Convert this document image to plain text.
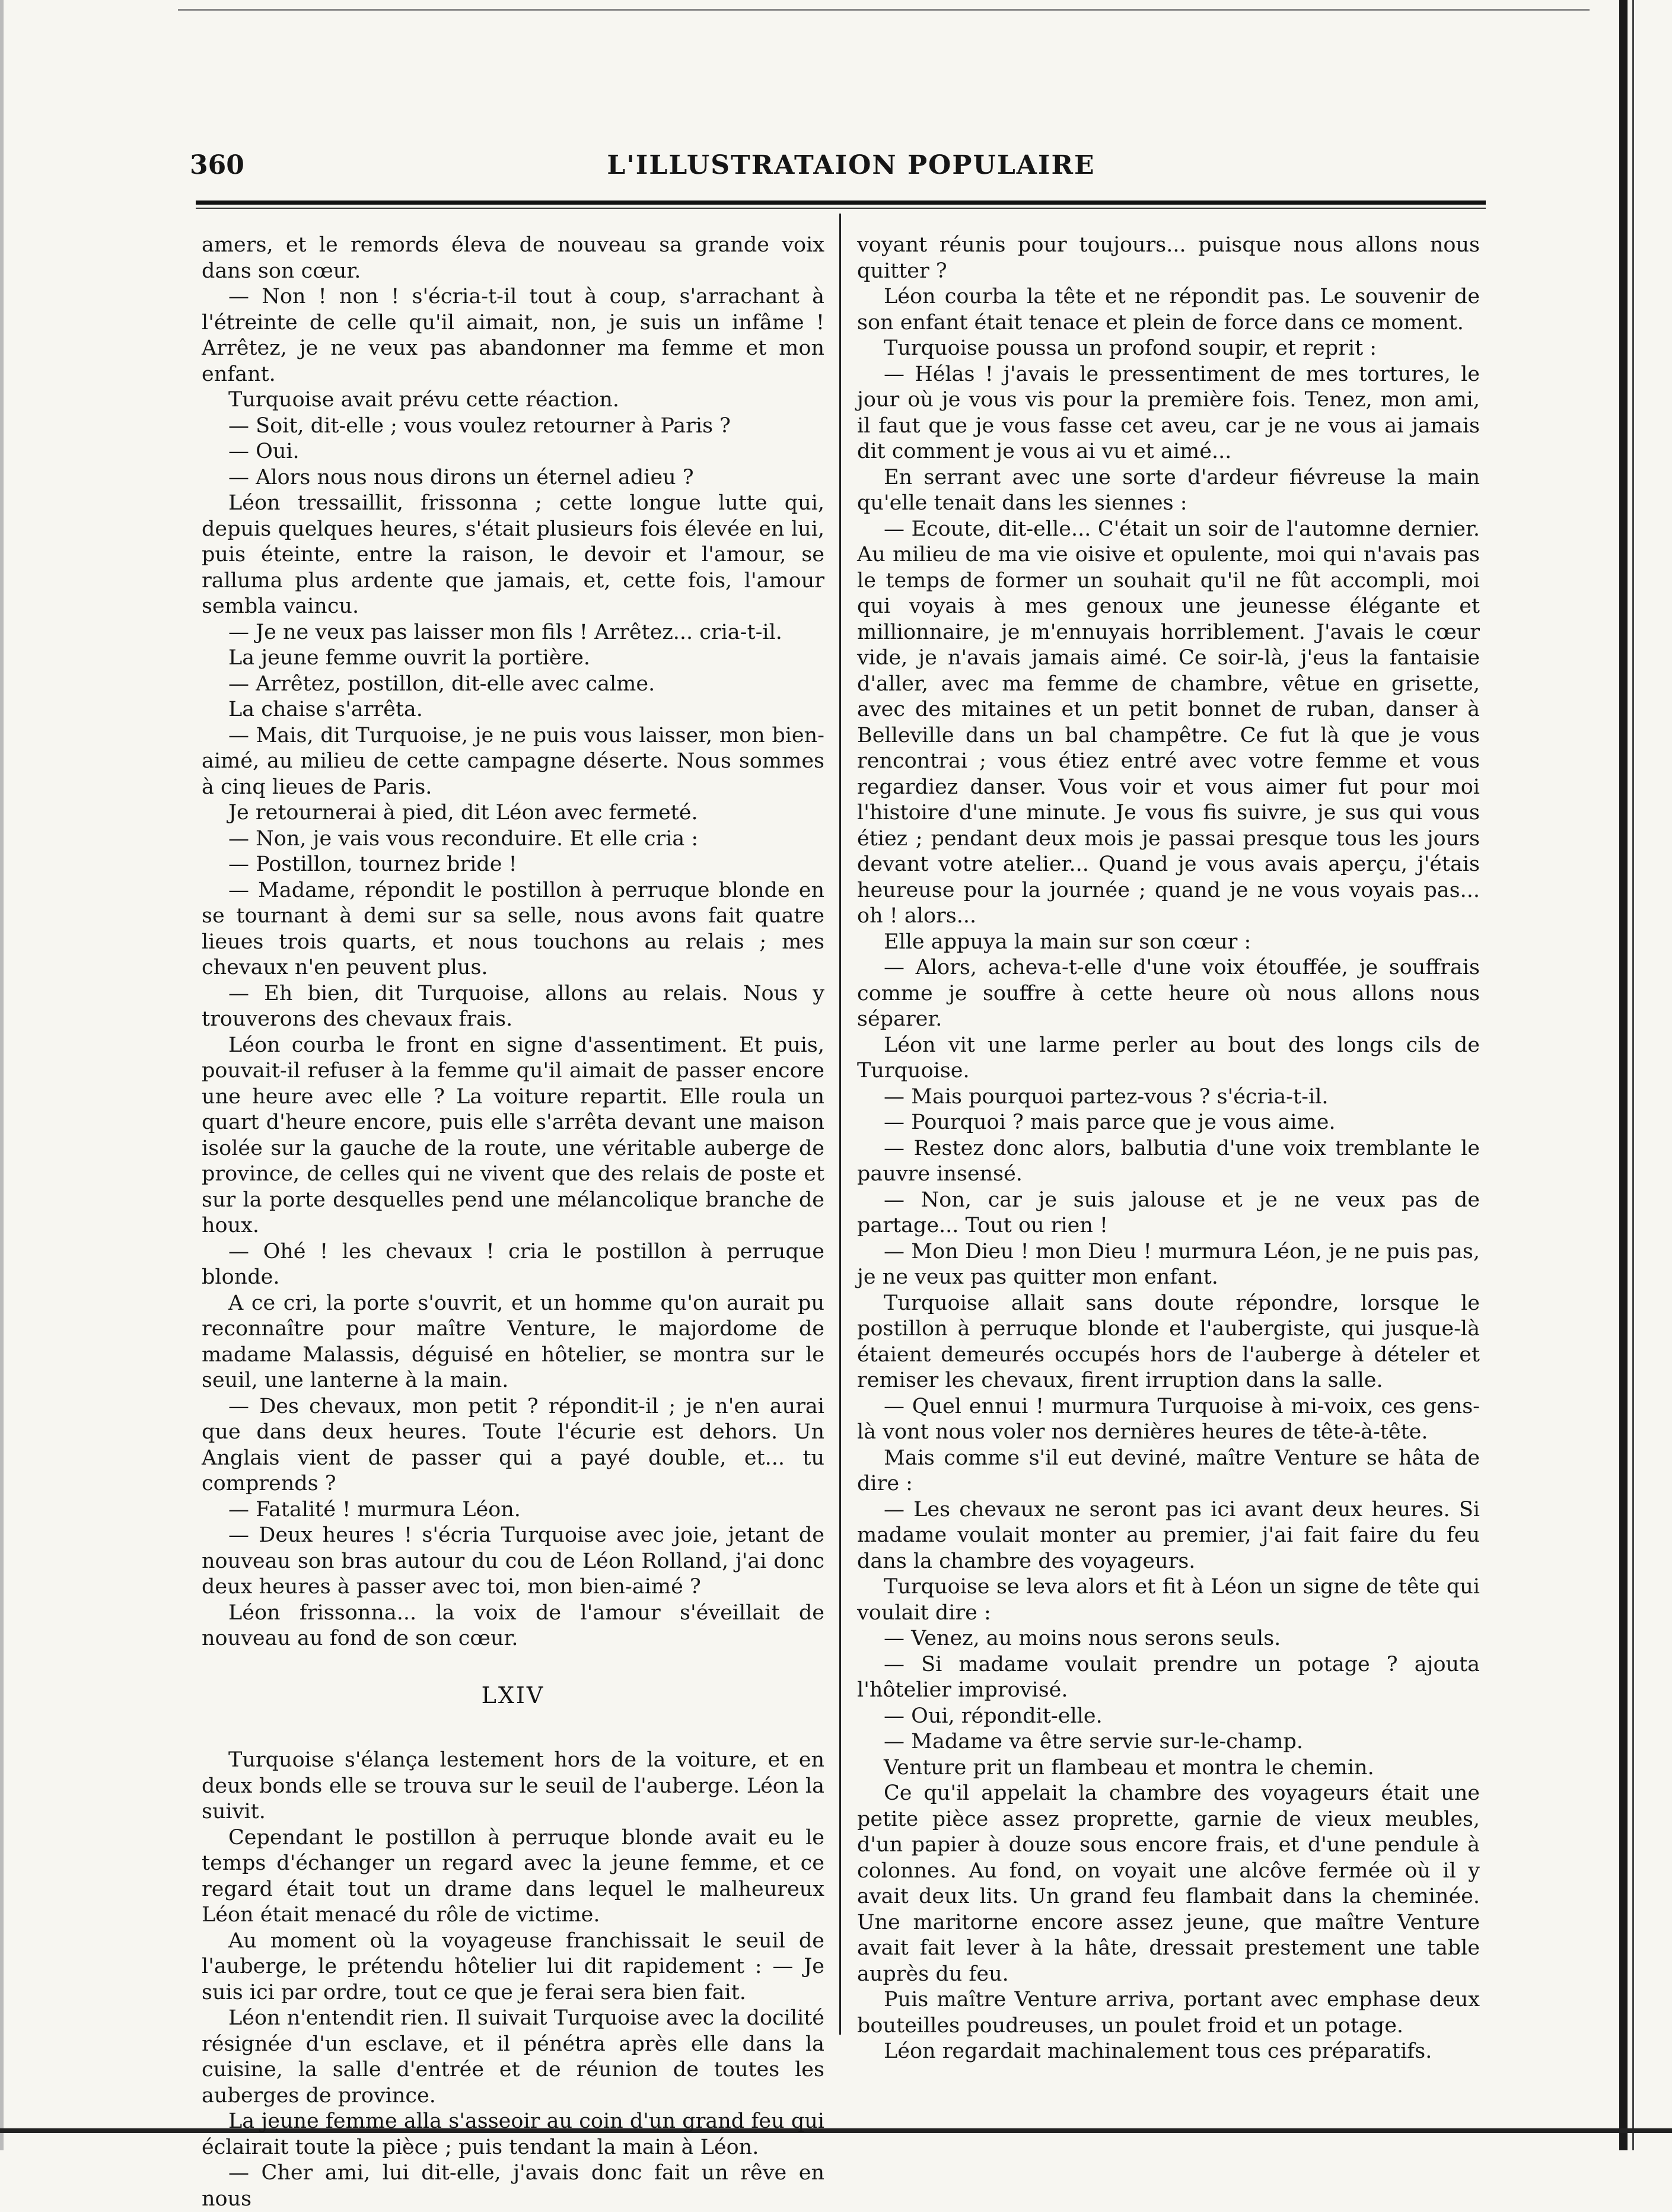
360	L'ILLUSTRATAION POPULAIRE

amers, et le remords éleva de nouveau sa grande voix dans son cœur.

— Non ! non ! s'écria-t-il tout à coup, s'arrachant à l'étreinte de celle qu'il aimait, non, je suis un infâme ! Arrêtez, je ne veux pas abandonner ma femme et mon enfant.

Turquoise avait prévu cette réaction.

— Soit, dit-elle ; vous voulez retourner à Paris ?

— Oui.

— Alors nous nous dirons un éternel adieu ?

Léon tressaillit, frissonna ; cette longue lutte qui, depuis quelques heures, s'était plusieurs fois élevée en lui, puis éteinte, entre la raison, le devoir et l'amour, se ralluma plus ardente que jamais, et, cette fois, l'amour sembla vaincu.

— Je ne veux pas laisser mon fils ! Arrêtez... cria-t-il.

La jeune femme ouvrit la portière.

— Arrêtez, postillon, dit-elle avec calme.

La chaise s'arrêta.

— Mais, dit Turquoise, je ne puis vous laisser, mon bien-aimé, au milieu de cette campagne déserte. Nous sommes à cinq lieues de Paris.

Je retournerai à pied, dit Léon avec fermeté.

— Non, je vais vous reconduire. Et elle cria :

— Postillon, tournez bride !

— Madame, répondit le postillon à perruque blonde en se tournant à demi sur sa selle, nous avons fait quatre lieues trois quarts, et nous touchons au relais ; mes chevaux n'en peuvent plus.

— Eh bien, dit Turquoise, allons au relais. Nous y trouverons des chevaux frais.

Léon courba le front en signe d'assentiment. Et puis, pouvait-il refuser à la femme qu'il aimait de passer encore une heure avec elle ? La voiture repartit. Elle roula un quart d'heure encore, puis elle s'arrêta devant une maison isolée sur la gauche de la route, une véritable auberge de province, de celles qui ne vivent que des relais de poste et sur la porte desquelles pend une mélancolique branche de houx.

— Ohé ! les chevaux ! cria le postillon à perruque blonde.

A ce cri, la porte s'ouvrit, et un homme qu'on aurait pu reconnaître pour maître Venture, le majordome de madame Malassis, déguisé en hôtelier, se montra sur le seuil, une lanterne à la main.

— Des chevaux, mon petit ? répondit-il ; je n'en aurai que dans deux heures. Toute l'écurie est dehors. Un Anglais vient de passer qui a payé double, et... tu comprends ?

— Fatalité ! murmura Léon.

— Deux heures ! s'écria Turquoise avec joie, jetant de nouveau son bras autour du cou de Léon Rolland, j'ai donc deux heures à passer avec toi, mon bien-aimé ?

Léon frissonna... la voix de l'amour s'éveillait de nouveau au fond de son cœur.

LXIV

Turquoise s'élança lestement hors de la voiture, et en deux bonds elle se trouva sur le seuil de l'auberge. Léon la suivit.

Cependant le postillon à perruque blonde avait eu le temps d'échanger un regard avec la jeune femme, et ce regard était tout un drame dans lequel le malheureux Léon était menacé du rôle de victime.

Au moment où la voyageuse franchissait le seuil de l'auberge, le prétendu hôtelier lui dit rapidement : — Je suis ici par ordre, tout ce que je ferai sera bien fait.

Léon n'entendit rien. Il suivait Turquoise avec la docilité résignée d'un esclave, et il pénétra après elle dans la cuisine, la salle d'entrée et de réunion de toutes les auberges de province.

La jeune femme alla s'asseoir au coin d'un grand feu qui éclairait toute la pièce ; puis tendant la main à Léon.

— Cher ami, lui dit-elle, j'avais donc fait un rêve en nous

voyant réunis pour toujours... puisque nous allons nous quitter ?

Léon courba la tête et ne répondit pas. Le souvenir de son enfant était tenace et plein de force dans ce moment.

Turquoise poussa un profond soupir, et reprit :

— Hélas ! j'avais le pressentiment de mes tortures, le jour où je vous vis pour la première fois. Tenez, mon ami, il faut que je vous fasse cet aveu, car je ne vous ai jamais dit comment je vous ai vu et aimé...

En serrant avec une sorte d'ardeur fiévreuse la main qu'elle tenait dans les siennes :

— Ecoute, dit-elle... C'était un soir de l'automne dernier. Au milieu de ma vie oisive et opulente, moi qui n'avais pas le temps de former un souhait qu'il ne fût accompli, moi qui voyais à mes genoux une jeunesse élégante et millionnaire, je m'ennuyais horriblement. J'avais le cœur vide, je n'avais jamais aimé. Ce soir-là, j'eus la fantaisie d'aller, avec ma femme de chambre, vêtue en grisette, avec des mitaines et un petit bonnet de ruban, danser à Belleville dans un bal champêtre. Ce fut là que je vous rencontrai ; vous étiez entré avec votre femme et vous regardiez danser. Vous voir et vous aimer fut pour moi l'histoire d'une minute. Je vous fis suivre, je sus qui vous étiez ; pendant deux mois je passai presque tous les jours devant votre atelier... Quand je vous avais aperçu, j'étais heureuse pour la journée ; quand je ne vous voyais pas... oh ! alors...

Elle appuya la main sur son cœur :

— Alors, acheva-t-elle d'une voix étouffée, je souffrais comme je souffre à cette heure où nous allons nous séparer.

Léon vit une larme perler au bout des longs cils de Turquoise.

— Mais pourquoi partez-vous ? s'écria-t-il.

— Pourquoi ? mais parce que je vous aime.

— Restez donc alors, balbutia d'une voix tremblante le pauvre insensé.

— Non, car je suis jalouse et je ne veux pas de partage... Tout ou rien !

— Mon Dieu ! mon Dieu ! murmura Léon, je ne puis pas, je ne veux pas quitter mon enfant.

Turquoise allait sans doute répondre, lorsque le postillon à perruque blonde et l'aubergiste, qui jusque-là étaient demeurés occupés hors de l'auberge à dételer et remiser les chevaux, firent irruption dans la salle.

— Quel ennui ! murmura Turquoise à mi-voix, ces gens-là vont nous voler nos dernières heures de tête-à-tête.

Mais comme s'il eut deviné, maître Venture se hâta de dire :

— Les chevaux ne seront pas ici avant deux heures. Si madame voulait monter au premier, j'ai fait faire du feu dans la chambre des voyageurs.

Turquoise se leva alors et fit à Léon un signe de tête qui voulait dire :

— Venez, au moins nous serons seuls.

— Si madame voulait prendre un potage ? ajouta l'hôtelier improvisé.

— Oui, répondit-elle.

— Madame va être servie sur-le-champ.

Venture prit un flambeau et montra le chemin.

Ce qu'il appelait la chambre des voyageurs était une petite pièce assez proprette, garnie de vieux meubles, d'un papier à douze sous encore frais, et d'une pendule à colonnes. Au fond, on voyait une alcôve fermée où il y avait deux lits. Un grand feu flambait dans la cheminée. Une maritorne encore assez jeune, que maître Venture avait fait lever à la hâte, dressait prestement une table auprès du feu.

Puis maître Venture arriva, portant avec emphase deux bouteilles poudreuses, un poulet froid et un potage.

Léon regardait machinalement tous ces préparatifs.
